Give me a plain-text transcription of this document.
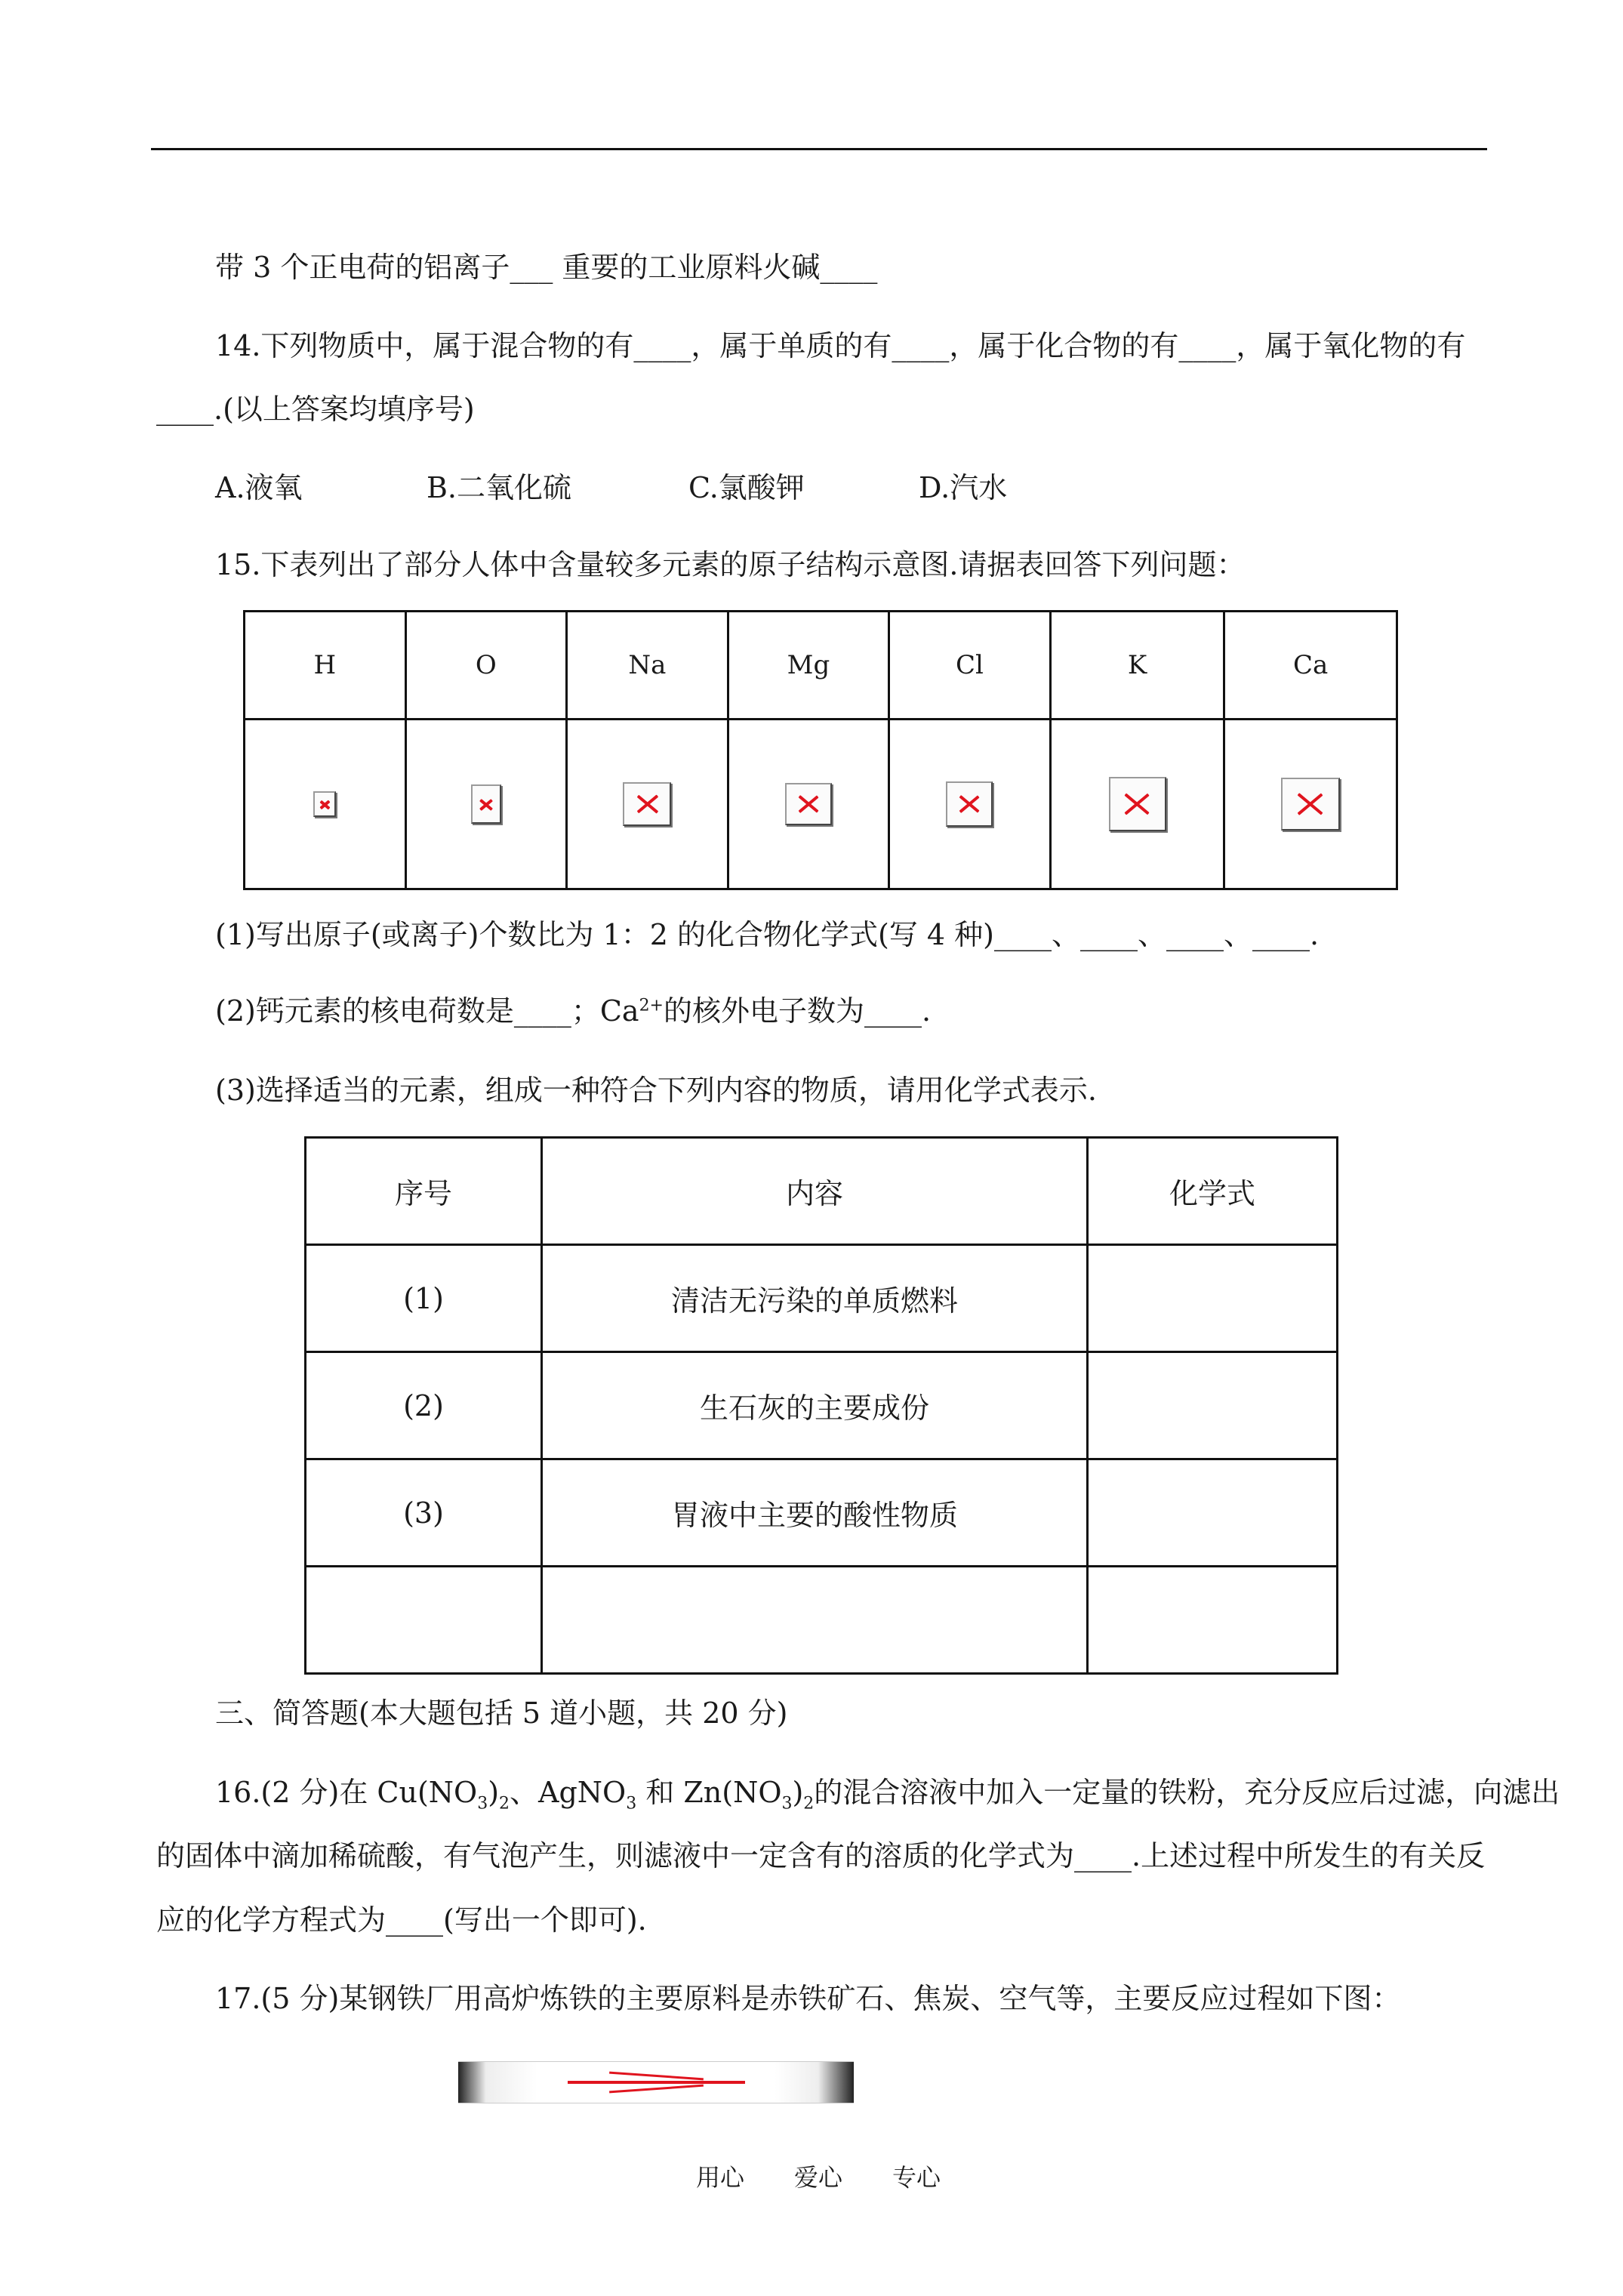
带 3 个正电荷的铝离子___ 重要的工业原料火碱____
14.下列物质中，属于混合物的有____，属于单质的有____，属于化合物的有____，属于氧化物的有
____.(以上答案均填序号)
A.液氧	B.二氧化硫	C.氯酸钾	D.汽水
15.下表列出了部分人体中含量较多元素的原子结构示意图.请据表回答下列问题：
H	O	Na	Mg	Cl	K	Ca

(1)写出原子(或离子)个数比为 1：2 的化合物化学式(写 4 种)____、____、____、____.
(2)钙元素的核电荷数是____；$Ca^{2+}$的核外电子数为____.
(3)选择适当的元素，组成一种符合下列内容的物质，请用化学式表示.
序号	内容	化学式
(1)	清洁无污染的单质燃料	
(2)	生石灰的主要成份	
(3)	胃液中主要的酸性物质	

三、简答题(本大题包括 5 道小题，共 20 分)
16.(2 分)在 $Cu(NO_3)_2$、AgNO$_3$ 和 $Zn(NO_3)_2$的混合溶液中加入一定量的铁粉，充分反应后过滤，向滤出
的固体中滴加稀硫酸，有气泡产生，则滤液中一定含有的溶质的化学式为____.上述过程中所发生的有关反
应的化学方程式为____(写出一个即可).
17.(5 分)某钢铁厂用高炉炼铁的主要原料是赤铁矿石、焦炭、空气等，主要反应过程如下图：
用心 爱心 专心
